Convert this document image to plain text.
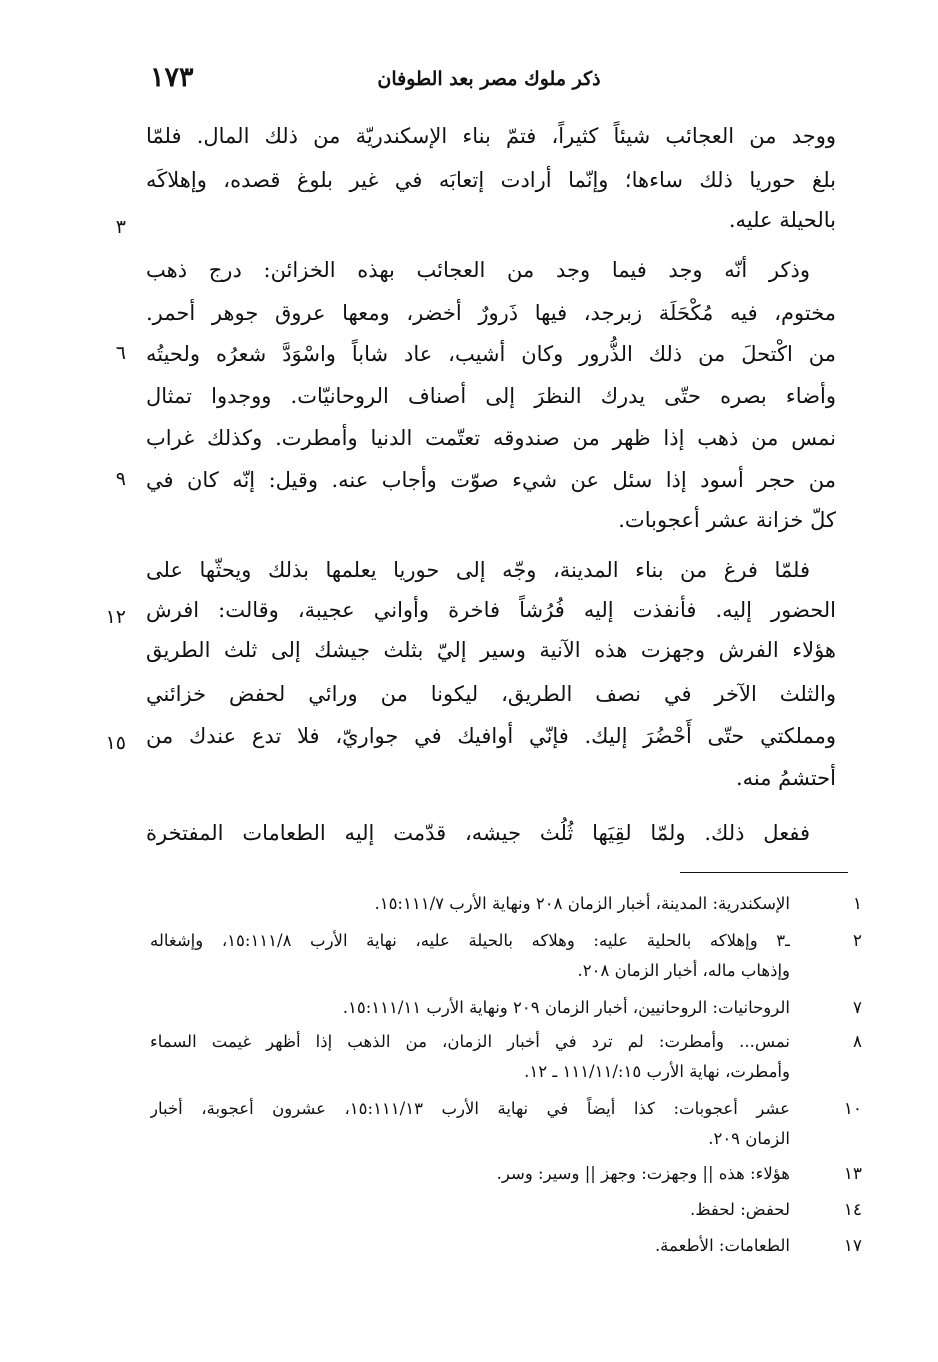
١٧٣	ذكر ملوك مصر بعد الطوفان
ووجد من العجائب شيئاً كثيراً، فتمّ بناء الإسكندريّة من ذلك المال. فلمّا
بلغ حوريا ذلك ساءها؛ وإنّما أرادت إتعابَه في غير بلوغ قصده، وإهلاكَه
بالحيلة عليه.
وذكر أنّه وجد فيما وجد من العجائب بهذه الخزائن: درج ذهب
مختوم، فيه مُكْحَلَة زبرجد، فيها ذَرورٌ أخضر، ومعها عروق جوهر أحمر.
من اكْتحلَ من ذلك الذُّرور وكان أشيب، عاد شاباً واسْوَدَّ شعرُه ولحيتُه
وأضاء بصره حتّى يدرك النظرَ إلى أصناف الروحانيّات. ووجدوا تمثال
نمس من ذهب إذا ظهر من صندوقه تعتّمت الدنيا وأمطرت. وكذلك غراب
من حجر أسود إذا سئل عن شيء صوّت وأجاب عنه. وقيل: إنّه كان في
كلّ خزانة عشر أعجوبات.
فلمّا فرغ من بناء المدينة، وجّه إلى حوريا يعلمها بذلك ويحثّها على
الحضور إليه. فأنفذت إليه فُرُشاً فاخرة وأواني عجيبة، وقالت: افرش
هؤلاء الفرش وجهزت هذه الآنية وسير إليّ بثلث جيشك إلى ثلث الطريق
والثلث الآخر في نصف الطريق، ليكونا من ورائي لحفض خزائني
ومملكتي حتّى أَحْضُرَ إليك. فإنّي أوافيك في جواريّ، فلا تدع عندك من
أحتشمُ منه.
ففعل ذلك. ولمّا لقِيَها ثُلُث جيشه، قدّمت إليه الطعامات المفتخرة
٣
٦
٩
١٢
١٥
١
الإسكندرية: المدينة، أخبار الزمان ٢٠٨ ونهاية الأرب ١٥:١١١/٧.
٢
ـ٣ وإهلاكه بالحلية عليه: وهلاكه بالحيلة عليه، نهاية الأرب ١٥:١١١/٨، وإشغاله
وإذهاب ماله، أخبار الزمان ٢٠٨.
٧
الروحانيات: الروحانيين، أخبار الزمان ٢٠٩ ونهاية الأرب ١٥:١١١/١١.
٨
نمس... وأمطرت: لم ترد في أخبار الزمان، من الذهب إذا أظهر غيمت السماء
وأمطرت، نهاية الأرب ١٥:/١١١/١١ ـ ١٢.
١٠
عشر أعجوبات: كذا أيضاً في نهاية الأرب ١٥:١١١/١٣، عشرون أعجوبة، أخبار
الزمان ٢٠٩.
١٣
هؤلاء: هذه || وجهزت: وجهز || وسير: وسر.
١٤
لحفض: لحفظ.
١٧
الطعامات: الأطعمة.
